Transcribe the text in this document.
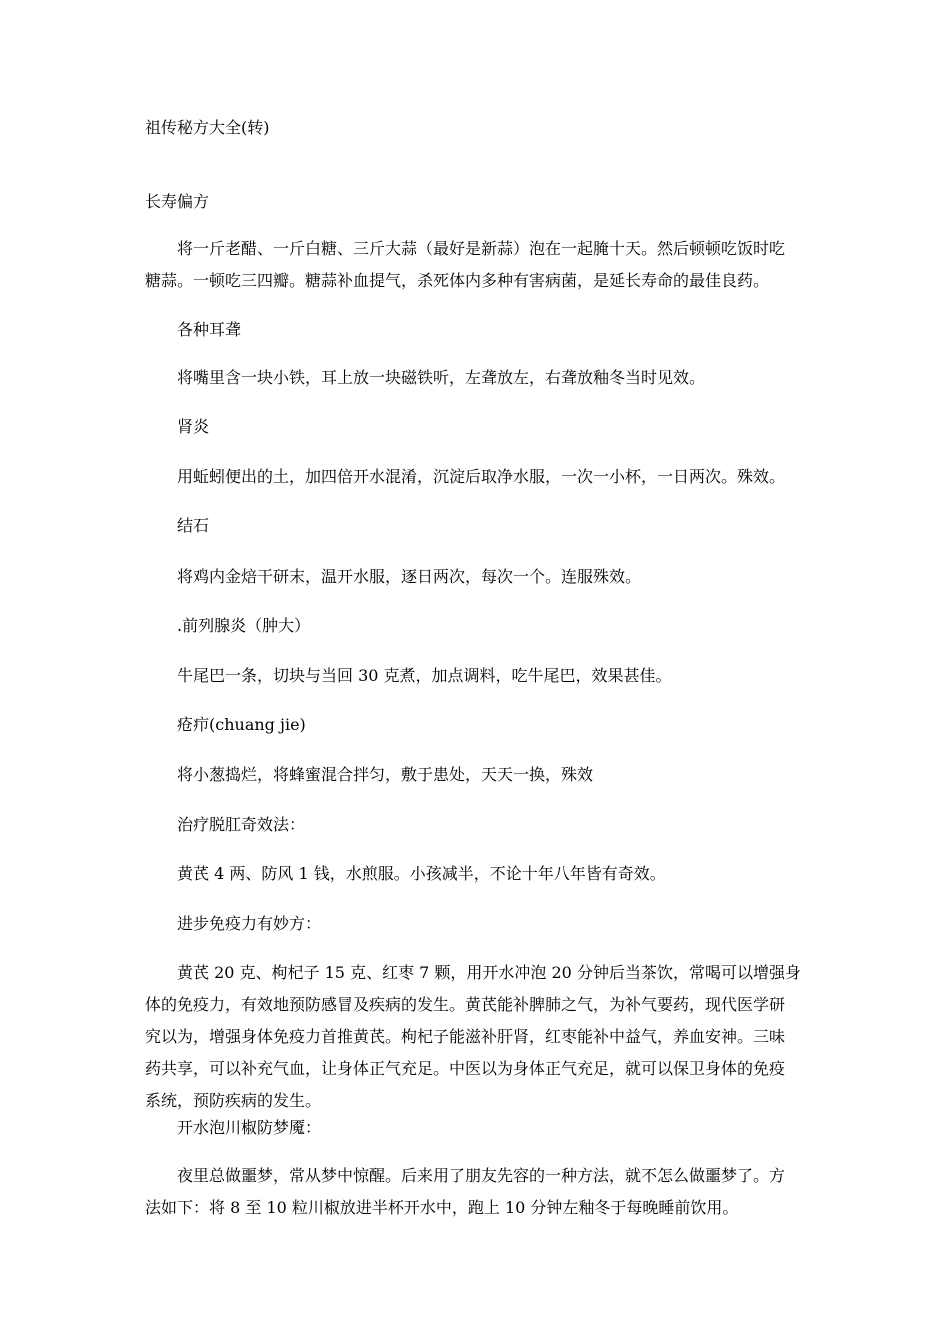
祖传秘方大全(转)

长寿偏方

将一斤老醋、一斤白糖、三斤大蒜（最好是新蒜）泡在一起腌十天。然后顿顿吃饭时吃
糖蒜。一顿吃三四瓣。糖蒜补血提气，杀死体内多种有害病菌，是延长寿命的最佳良药。

各种耳聋

将嘴里含一块小铁，耳上放一块磁铁听，左聋放左，右聋放釉冬当时见效。

肾炎

用蚯蚓便出的土，加四倍开水混淆，沉淀后取净水服，一次一小杯，一日两次。殊效。

结石

将鸡内金焙干研末，温开水服，逐日两次，每次一个。连服殊效。

.前列腺炎（肿大）

牛尾巴一条，切块与当回 30 克煮，加点调料，吃牛尾巴，效果甚佳。

疮疖(chuang jie)

将小葱捣烂，将蜂蜜混合拌匀，敷于患处，天天一换，殊效

治疗脱肛奇效法：

黄芪 4 两、防风 1 钱，水煎服。小孩减半，不论十年八年皆有奇效。

进步免疫力有妙方：

黄芪 20 克、枸杞子 15 克、红枣 7 颗，用开水冲泡 20 分钟后当茶饮，常喝可以增强身
体的免疫力，有效地预防感冒及疾病的发生。黄芪能补脾肺之气，为补气要药，现代医学研
究以为，增强身体免疫力首推黄芪。枸杞子能滋补肝肾，红枣能补中益气，养血安神。三味
药共享，可以补充气血，让身体正气充足。中医以为身体正气充足，就可以保卫身体的免疫
系统，预防疾病的发生。

开水泡川椒防梦魇：

夜里总做噩梦，常从梦中惊醒。后来用了朋友先容的一种方法，就不怎么做噩梦了。方
法如下：将 8 至 10 粒川椒放进半杯开水中，跑上 10 分钟左釉冬于每晚睡前饮用。
